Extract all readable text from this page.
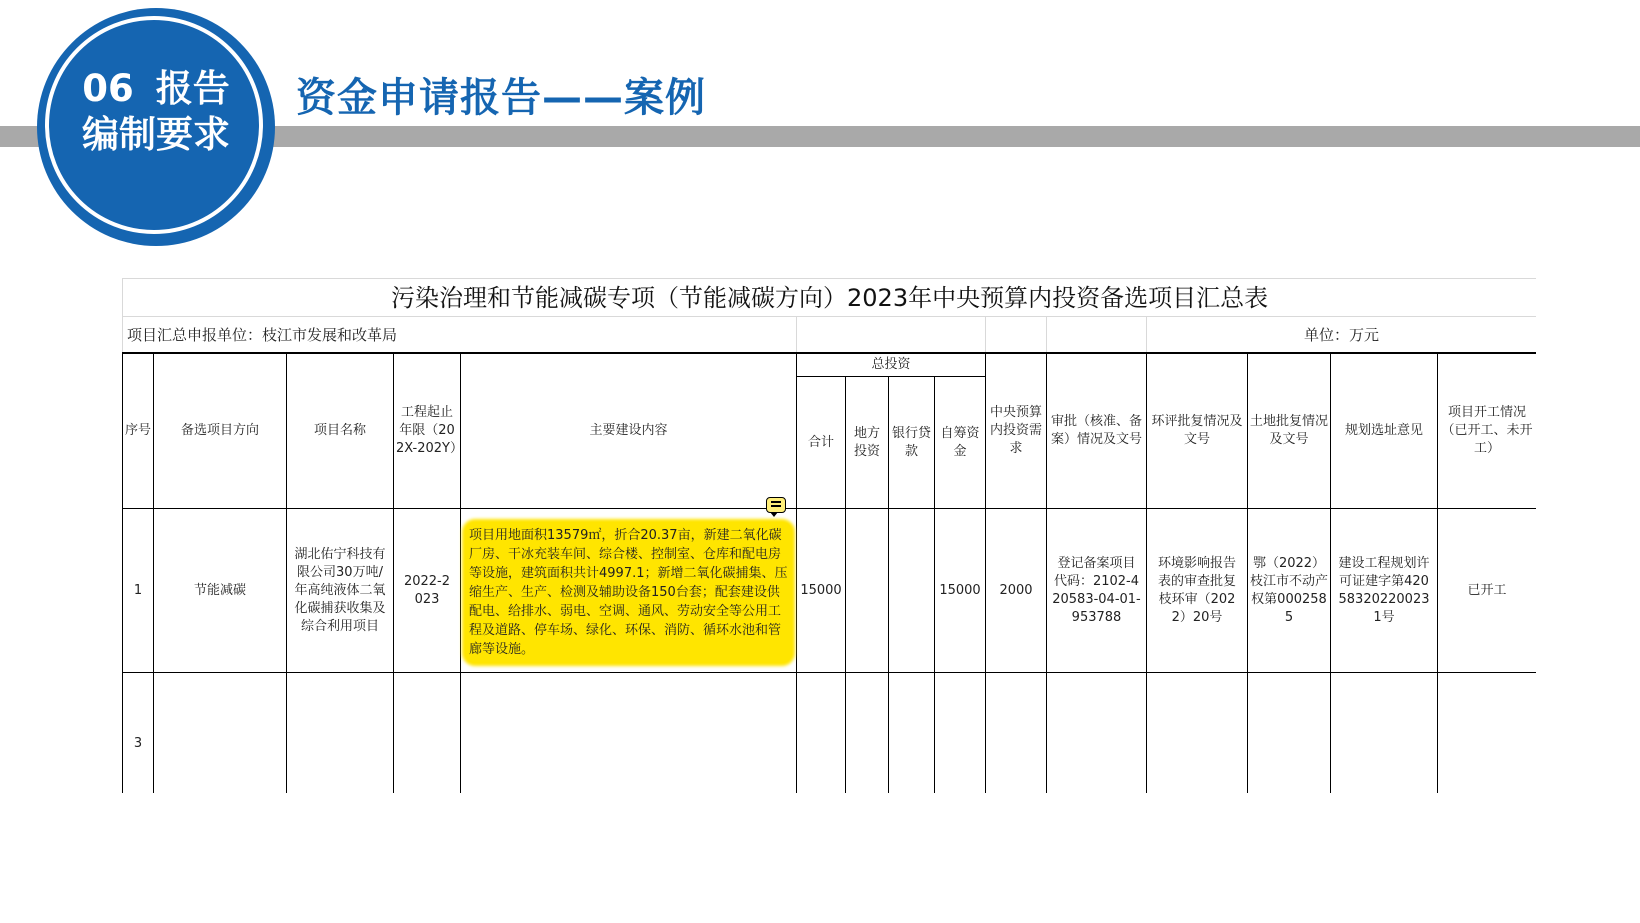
06 报告
编制要求
资金申请报告——案例
污染治理和节能减碳专项（节能减碳方向）2023年中央预算内投资备选项目汇总表														
项目汇总申报单位：枝江市发展和改革局											单位：万元			
序号	备选项目方向	项目名称	工程起止年限（202X-202Y）	主要建设内容	总投资				中央预算内投资需求	审批（核准、备案）情况及文号	环评批复情况及文号	土地批复情况及文号	规划选址意见	项目开工情况（已开工、未开工）
					合计	地方投资	银行贷款	自筹资金						
1	节能减碳	湖北佑宁科技有限公司30万吨/年高纯液体二氧化碳捕获收集及综合利用项目	2022-2023	项目用地面积13579㎡，折合20.37亩，新建二氧化碳厂房、干冰充装车间、综合楼、控制室、仓库和配电房等设施，建筑面积共计4997.1；新增二氧化碳捕集、压缩生产、生产、检测及辅助设备150台套；配套建设供配电、给排水、弱电、空调、通风、劳动安全等公用工程及道路、停车场、绿化、环保、消防、循环水池和管廊等设施。	15000			15000	2000	登记备案项目代码：2102-420583-04-01-953788	环境影响报告表的审查批复枝环审（2022）20号	鄂（2022）枝江市不动产权第0002585	建设工程规划许可证建字第420583202200231号	已开工
3														
